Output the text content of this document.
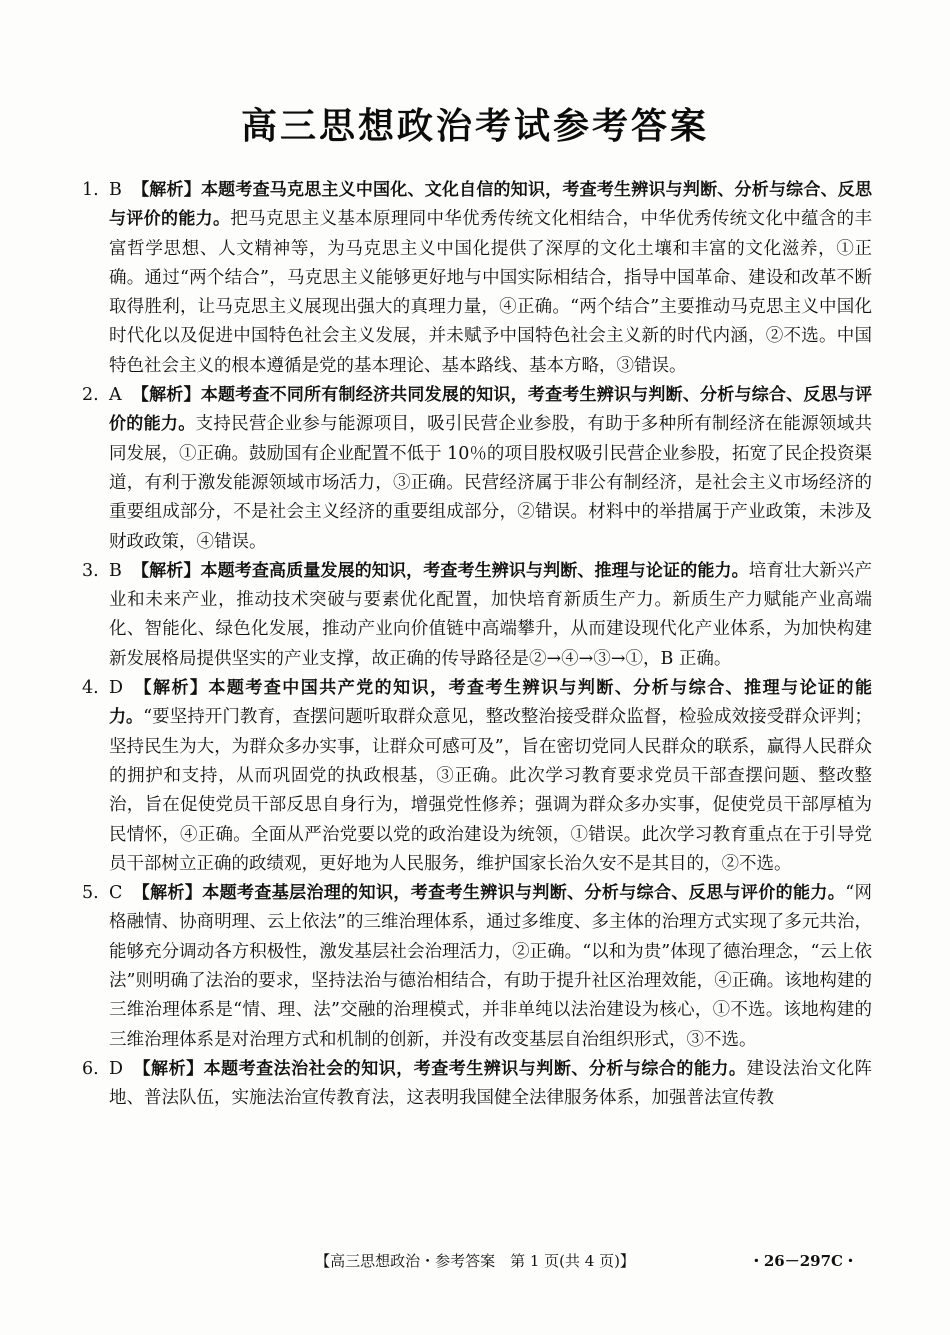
高三思想政治考试参考答案

1. B 【解析】本题考查马克思主义中国化、文化自信的知识，考查考生辨识与判断、分析与综合、反思与评价的能力。把马克思主义基本原理同中华优秀传统文化相结合，中华优秀传统文化中蕴含的丰富哲学思想、人文精神等，为马克思主义中国化提供了深厚的文化土壤和丰富的文化滋养，①正确。通过“两个结合”，马克思主义能够更好地与中国实际相结合，指导中国革命、建设和改革不断取得胜利，让马克思主义展现出强大的真理力量，④正确。“两个结合”主要推动马克思主义中国化时代化以及促进中国特色社会主义发展，并未赋予中国特色社会主义新的时代内涵，②不选。中国特色社会主义的根本遵循是党的基本理论、基本路线、基本方略，③错误。

2. A 【解析】本题考查不同所有制经济共同发展的知识，考查考生辨识与判断、分析与综合、反思与评价的能力。支持民营企业参与能源项目，吸引民营企业参股，有助于多种所有制经济在能源领域共同发展，①正确。鼓励国有企业配置不低于 10％的项目股权吸引民营企业参股，拓宽了民企投资渠道，有利于激发能源领域市场活力，③正确。民营经济属于非公有制经济，是社会主义市场经济的重要组成部分，不是社会主义经济的重要组成部分，②错误。材料中的举措属于产业政策，未涉及财政政策，④错误。

3. B 【解析】本题考查高质量发展的知识，考查考生辨识与判断、推理与论证的能力。培育壮大新兴产业和未来产业，推动技术突破与要素优化配置，加快培育新质生产力。新质生产力赋能产业高端化、智能化、绿色化发展，推动产业向价值链中高端攀升，从而建设现代化产业体系，为加快构建新发展格局提供坚实的产业支撑，故正确的传导路径是②→④→③→①，B 正确。

4. D 【解析】本题考查中国共产党的知识，考查考生辨识与判断、分析与综合、推理与论证的能力。“要坚持开门教育，查摆问题听取群众意见，整改整治接受群众监督，检验成效接受群众评判；坚持民生为大，为群众多办实事，让群众可感可及”，旨在密切党同人民群众的联系，赢得人民群众的拥护和支持，从而巩固党的执政根基，③正确。此次学习教育要求党员干部查摆问题、整改整治，旨在促使党员干部反思自身行为，增强党性修养；强调为群众多办实事，促使党员干部厚植为民情怀，④正确。全面从严治党要以党的政治建设为统领，①错误。此次学习教育重点在于引导党员干部树立正确的政绩观，更好地为人民服务，维护国家长治久安不是其目的，②不选。

5. C 【解析】本题考查基层治理的知识，考查考生辨识与判断、分析与综合、反思与评价的能力。“网格融情、协商明理、云上依法”的三维治理体系，通过多维度、多主体的治理方式实现了多元共治，能够充分调动各方积极性，激发基层社会治理活力，②正确。“以和为贵”体现了德治理念，“云上依法”则明确了法治的要求，坚持法治与德治相结合，有助于提升社区治理效能，④正确。该地构建的三维治理体系是“情、理、法”交融的治理模式，并非单纯以法治建设为核心，①不选。该地构建的三维治理体系是对治理方式和机制的创新，并没有改变基层自治组织形式，③不选。

6. D 【解析】本题考查法治社会的知识，考查考生辨识与判断、分析与综合的能力。建设法治文化阵地、普法队伍，实施法治宣传教育法，这表明我国健全法律服务体系，加强普法宣传教

【高三思想政治・参考答案　第 1 页(共 4 页)】	・26－297C・
